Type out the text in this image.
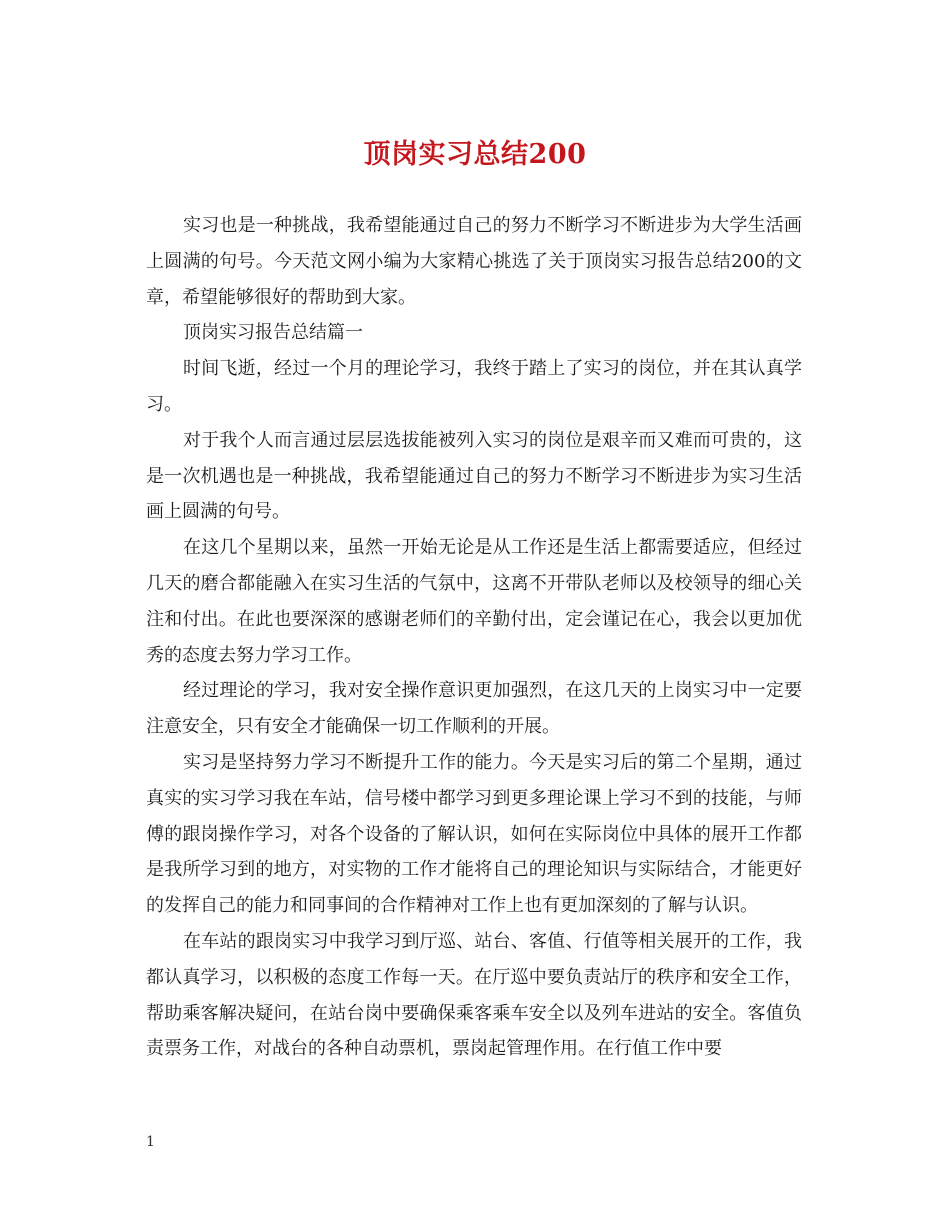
顶岗实习总结200

实习也是一种挑战，我希望能通过自己的努力不断学习不断进步为大学生活画上圆满的句号。今天范文网小编为大家精心挑选了关于顶岗实习报告总结200的文章，希望能够很好的帮助到大家。

顶岗实习报告总结篇一

时间飞逝，经过一个月的理论学习，我终于踏上了实习的岗位，并在其认真学习。

对于我个人而言通过层层选拔能被列入实习的岗位是艰辛而又难而可贵的，这是一次机遇也是一种挑战，我希望能通过自己的努力不断学习不断进步为实习生活画上圆满的句号。

在这几个星期以来，虽然一开始无论是从工作还是生活上都需要适应，但经过几天的磨合都能融入在实习生活的气氛中，这离不开带队老师以及校领导的细心关注和付出。在此也要深深的感谢老师们的辛勤付出，定会谨记在心，我会以更加优秀的态度去努力学习工作。

经过理论的学习，我对安全操作意识更加强烈，在这几天的上岗实习中一定要注意安全，只有安全才能确保一切工作顺利的开展。

实习是坚持努力学习不断提升工作的能力。今天是实习后的第二个星期，通过真实的实习学习我在车站，信号楼中都学习到更多理论课上学习不到的技能，与师傅的跟岗操作学习，对各个设备的了解认识，如何在实际岗位中具体的展开工作都是我所学习到的地方，对实物的工作才能将自己的理论知识与实际结合，才能更好的发挥自己的能力和同事间的合作精神对工作上也有更加深刻的了解与认识。

在车站的跟岗实习中我学习到厅巡、站台、客值、行值等相关展开的工作，我都认真学习，以积极的态度工作每一天。在厅巡中要负责站厅的秩序和安全工作，帮助乘客解决疑问，在站台岗中要确保乘客乘车安全以及列车进站的安全。客值负责票务工作，对战台的各种自动票机，票岗起管理作用。在行值工作中要

1
